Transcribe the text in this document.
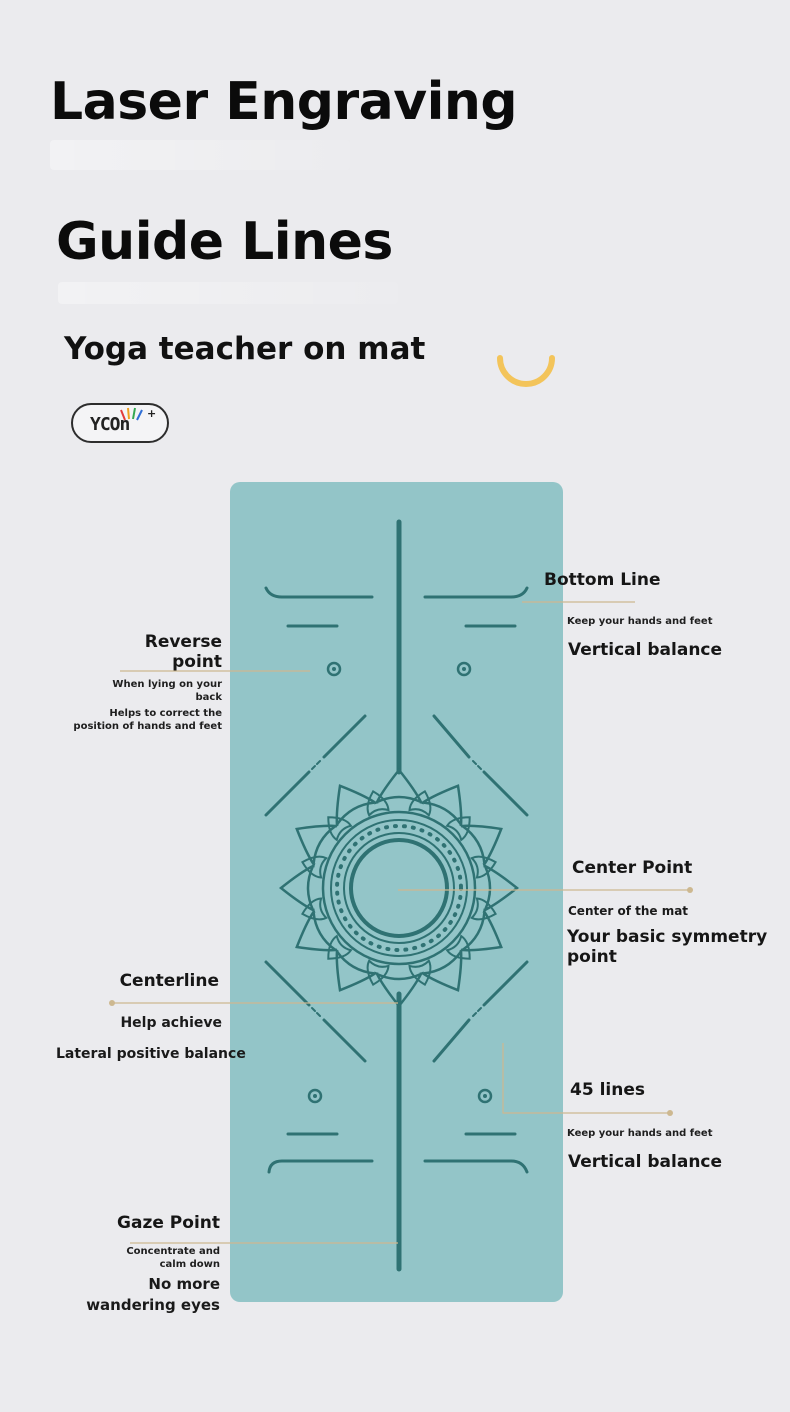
Laser Engraving
Guide Lines
Yoga teacher on mat
YCOn
+
Bottom Line
Keep your hands and feet
Vertical balance
Reverse
point
When lying on your
back
Helps to correct the
position of hands and feet
Center Point
Center of the mat
Your basic symmetry
point
Centerline
Help achieve
Lateral positive balance
45 lines
Keep your hands and feet
Vertical balance
Gaze Point
Concentrate and
calm down
No more
wandering eyes
